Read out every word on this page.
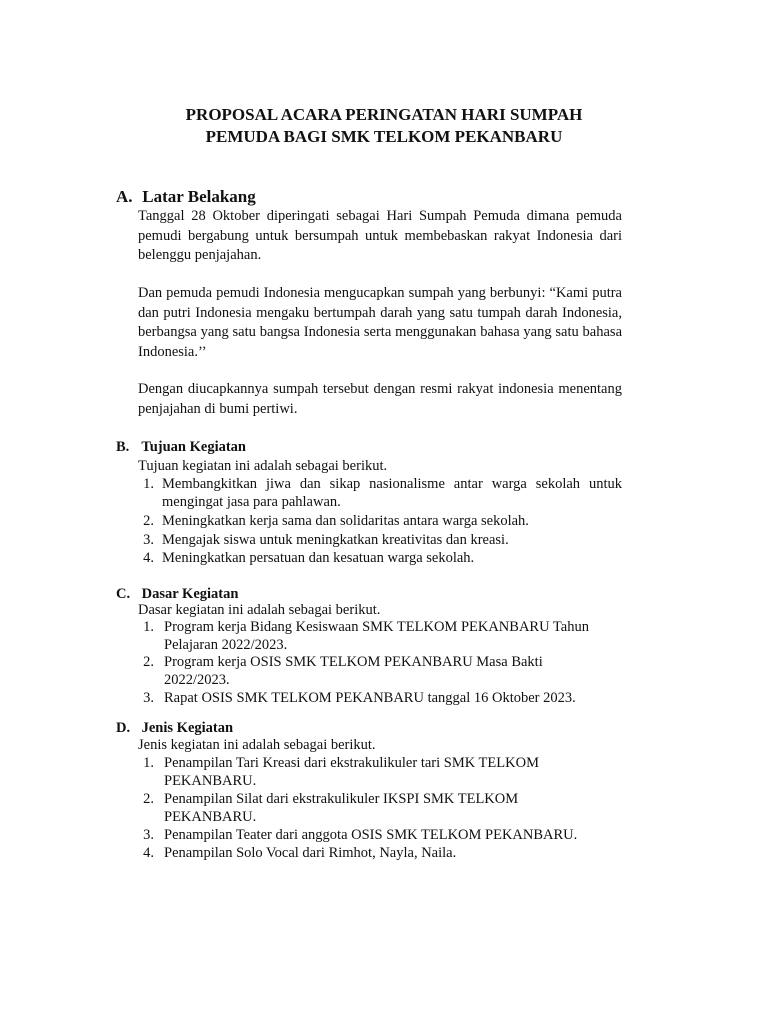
PROPOSAL ACARA PERINGATAN HARI SUMPAH
PEMUDA BAGI SMK TELKOM PEKANBARU
A. Latar Belakang

Tanggal 28 Oktober diperingati sebagai Hari Sumpah Pemuda dimana pemuda pemudi bergabung untuk bersumpah untuk membebaskan rakyat Indonesia dari belenggu penjajahan.

Dan pemuda pemudi Indonesia mengucapkan sumpah yang berbunyi: “Kami putra dan putri Indonesia mengaku bertumpah darah yang satu tumpah darah Indonesia, berbangsa yang satu bangsa Indonesia serta menggunakan bahasa yang satu bahasa Indonesia.’’

Dengan diucapkannya sumpah tersebut dengan resmi rakyat indonesia menentang penjajahan di bumi pertiwi.

B. Tujuan Kegiatan

Tujuan kegiatan ini adalah sebagai berikut.

1. Membangkitkan jiwa dan sikap nasionalisme antar warga sekolah untuk mengingat jasa para pahlawan.
2. Meningkatkan kerja sama dan solidaritas antara warga sekolah.
3. Mengajak siswa untuk meningkatkan kreativitas dan kreasi.
4. Meningkatkan persatuan dan kesatuan warga sekolah.
C. Dasar Kegiatan

Dasar kegiatan ini adalah sebagai berikut.

1. Program kerja Bidang Kesiswaan SMK TELKOM PEKANBARU Tahun
Pelajaran 2022/2023.
2. Program kerja OSIS SMK TELKOM PEKANBARU Masa Bakti
2022/2023.
3. Rapat OSIS SMK TELKOM PEKANBARU tanggal 16 Oktober 2023.
D. Jenis Kegiatan

Jenis kegiatan ini adalah sebagai berikut.

1. Penampilan Tari Kreasi dari ekstrakulikuler tari SMK TELKOM
PEKANBARU.
2. Penampilan Silat dari ekstrakulikuler IKSPI SMK TELKOM
PEKANBARU.
3. Penampilan Teater dari anggota OSIS SMK TELKOM PEKANBARU.
4. Penampilan Solo Vocal dari Rimhot, Nayla, Naila.
